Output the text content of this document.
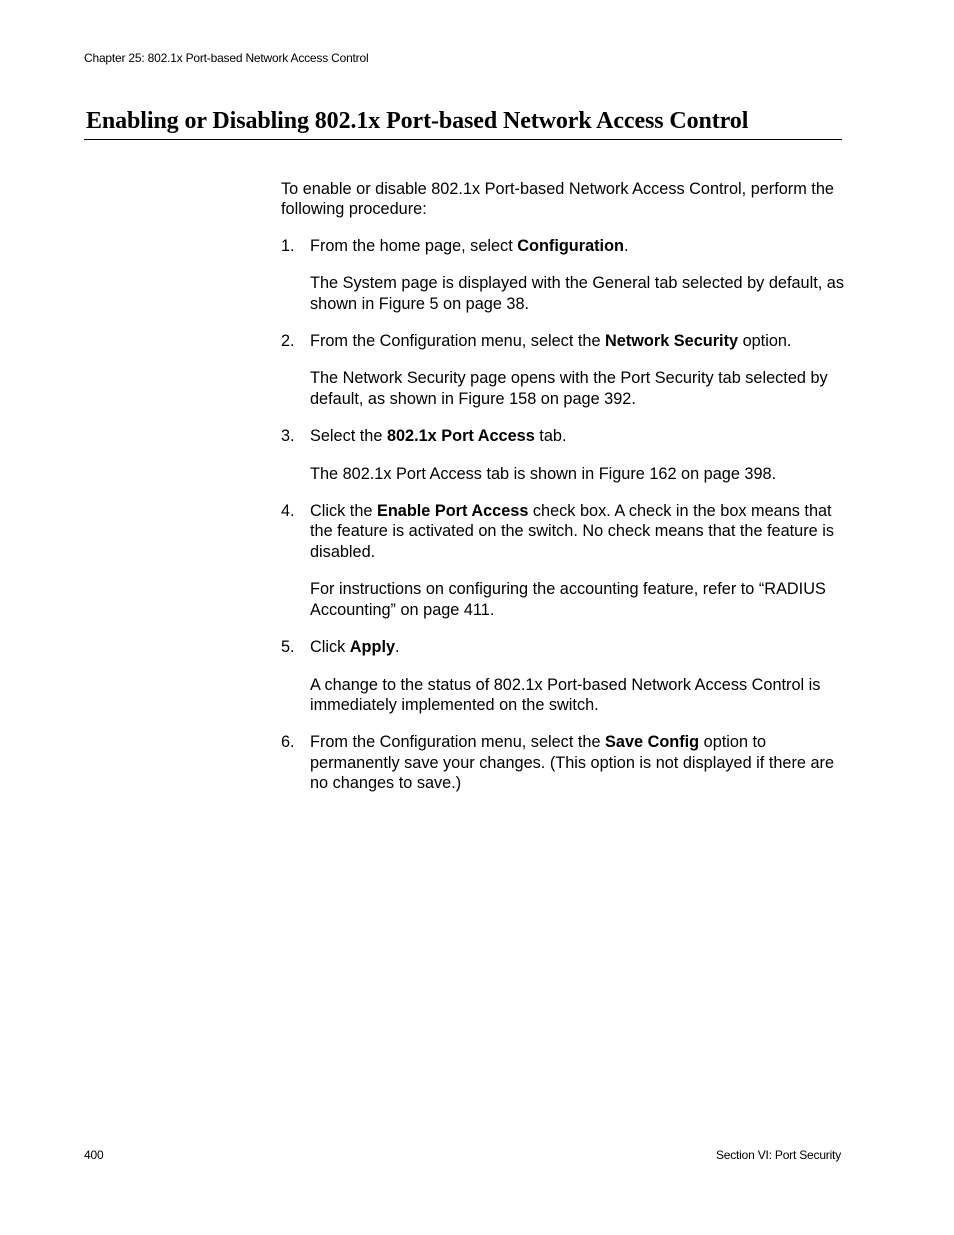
Chapter 25: 802.1x Port-based Network Access Control
Enabling or Disabling 802.1x Port-based Network Access Control

To enable or disable 802.1x Port-based Network Access Control, perform the following procedure:

1. From the home page, select Configuration.

The System page is displayed with the General tab selected by default, as shown in Figure 5 on page 38.

2. From the Configuration menu, select the Network Security option.

The Network Security page opens with the Port Security tab selected by default, as shown in Figure 158 on page 392.

3. Select the 802.1x Port Access tab.

The 802.1x Port Access tab is shown in Figure 162 on page 398.

4. Click the Enable Port Access check box. A check in the box means that the feature is activated on the switch. No check means that the feature is disabled.

For instructions on configuring the accounting feature, refer to “RADIUS Accounting” on page 411.

5. Click Apply.

A change to the status of 802.1x Port-based Network Access Control is immediately implemented on the switch.

6. From the Configuration menu, select the Save Config option to permanently save your changes. (This option is not displayed if there are no changes to save.)

400	Section VI: Port Security
